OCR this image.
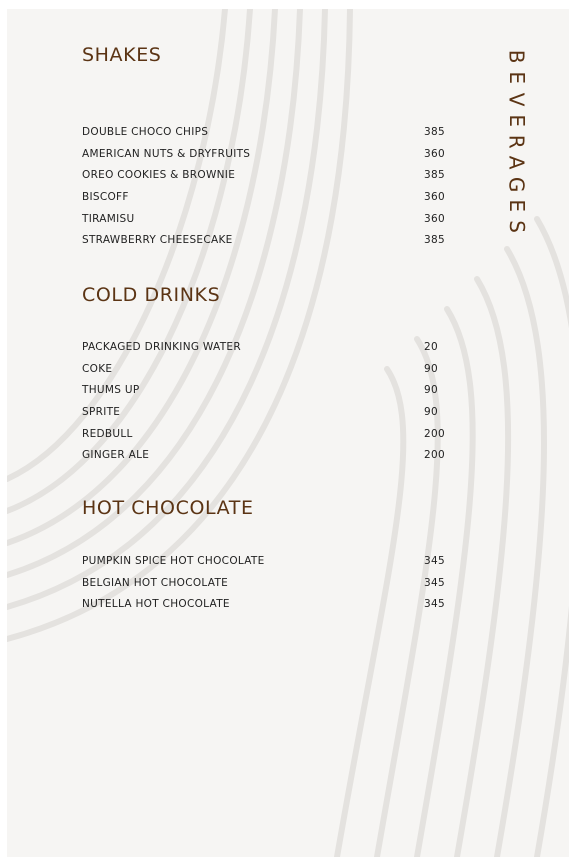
B
E
V
E
R
A
G
E
S
SHAKES
DOUBLE CHOCO CHIPS	385
AMERICAN NUTS & DRYFRUITS	360
OREO COOKIES & BROWNIE	385
BISCOFF	360
TIRAMISU	360
STRAWBERRY CHEESECAKE	385
COLD DRINKS
PACKAGED DRINKING WATER	20
COKE	90
THUMS UP	90
SPRITE	90
REDBULL	200
GINGER ALE	200
HOT CHOCOLATE
PUMPKIN SPICE HOT CHOCOLATE	345
BELGIAN HOT CHOCOLATE	345
NUTELLA HOT CHOCOLATE	345
